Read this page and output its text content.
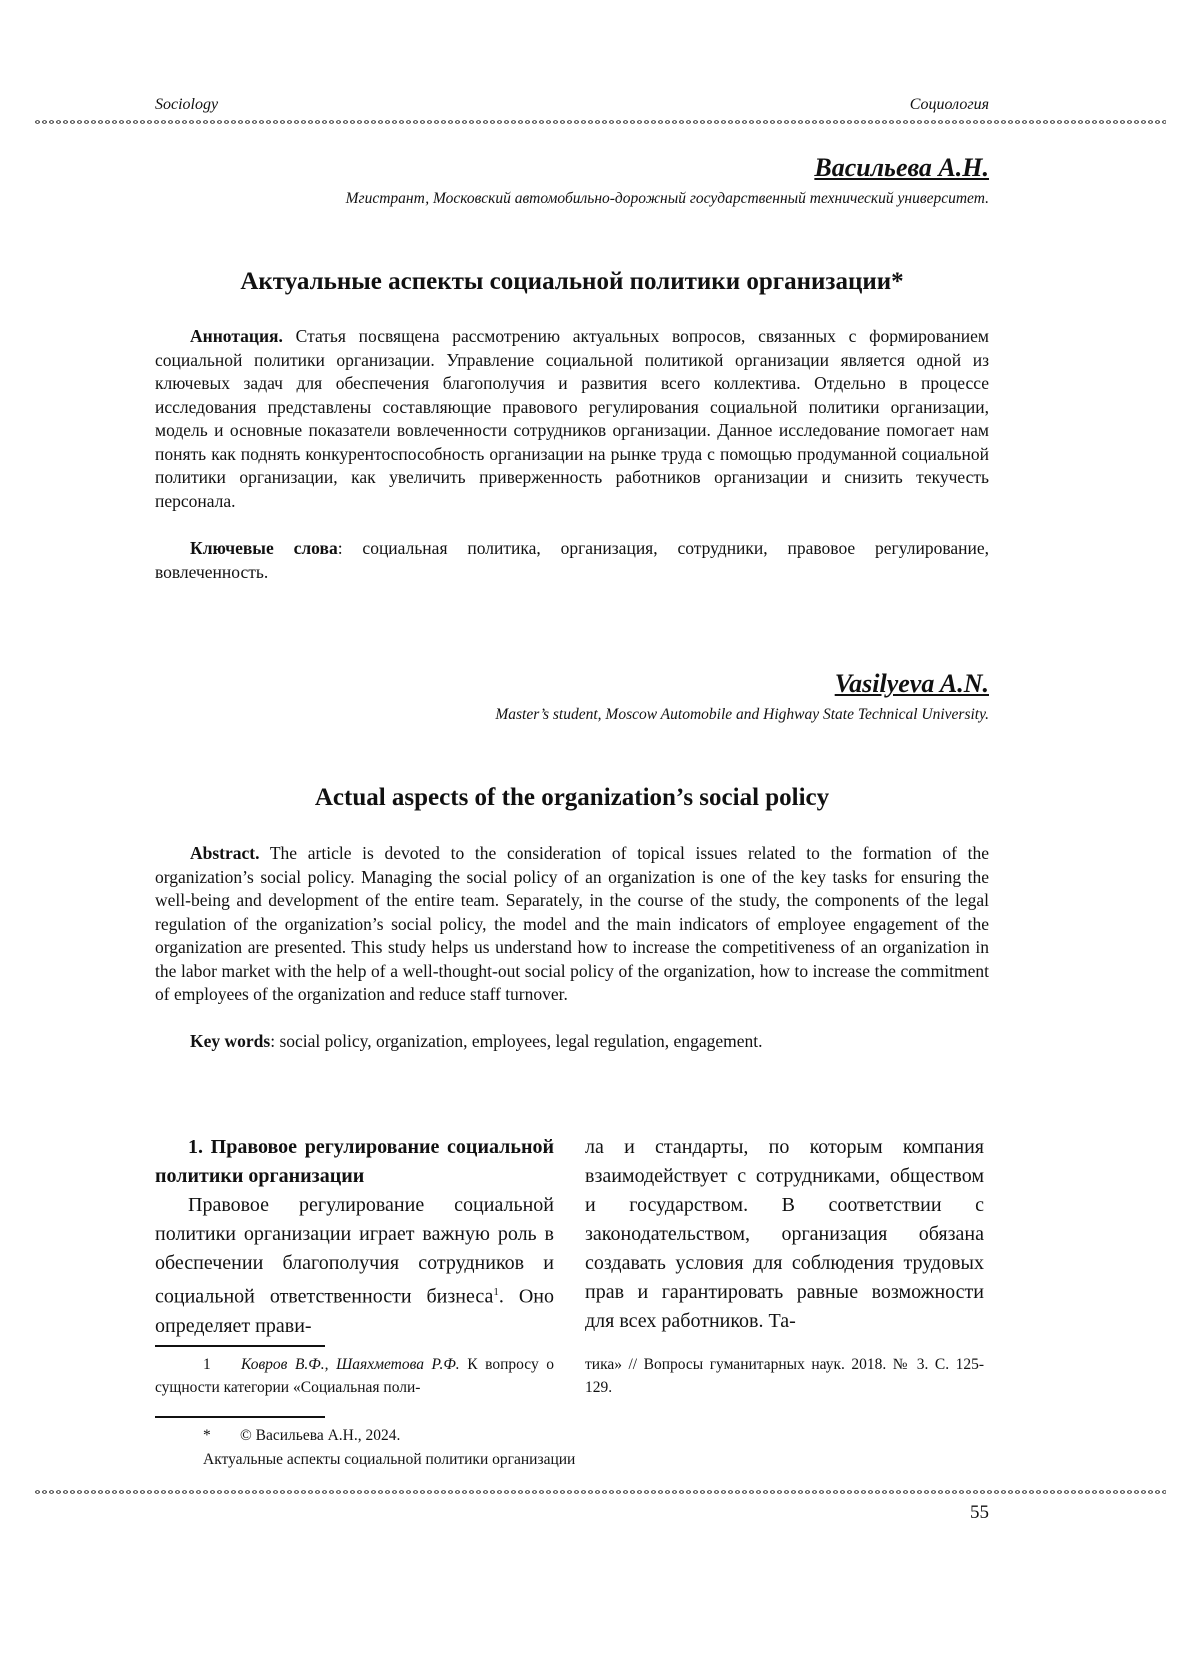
Sociology	Социология
Васильева А.Н.
Мгистрант, Московский автомобильно-дорожный государственный технический университет.
Актуальные аспекты социальной политики организации*

Аннотация. Статья посвящена рассмотрению актуальных вопросов, связанных с формированием социальной политики организации. Управление социальной политикой организации является одной из ключевых задач для обеспечения благополучия и развития всего коллектива. Отдельно в процессе исследования представлены составляющие правового регулирования социальной политики организации, модель и основные показатели вовлеченности сотрудников организации. Данное исследование помогает нам понять как поднять конкурентоспособность организации на рынке труда с помощью продуманной социальной политики организации, как увеличить приверженность работников организации и снизить текучесть персонала.

Ключевые слова: социальная политика, организация, сотрудники, правовое регулирование, вовлеченность.

Vasilyeva A.N.
Master’s student, Moscow Automobile and Highway State Technical University.
Actual aspects of the organization’s social policy

Abstract. The article is devoted to the consideration of topical issues related to the formation of the organization’s social policy. Managing the social policy of an organization is one of the key tasks for ensuring the well-being and development of the entire team. Separately, in the course of the study, the components of the legal regulation of the organization’s social policy, the model and the main indicators of employee engagement of the organization are presented. This study helps us understand how to increase the competitiveness of an organization in the labor market with the help of a well-thought-out social policy of the organization, how to increase the commitment of employees of the organization and reduce staff turnover.

Key words: social policy, organization, employees, legal regulation, engagement.

1. Правовое регулирование социальной политики организации

Правовое регулирование социальной политики организации играет важную роль в обеспечении благополучия сотрудников и социальной ответственности бизнеса$^1$. Оно определяет прави-

ла и стандарты, по которым компания взаимодействует с сотрудниками, обществом и государством. В соответствии с законодательством, организация обязана создавать условия для соблюдения трудовых прав и гарантировать равные возможности для всех работников. Та-

1 Ковров В.Ф., Шаяхметова Р.Ф. К вопросу о сущности категории «Социальная поли-

тика» // Вопросы гуманитарных наук. 2018. № 3. С. 125-129.

* © Васильева А.Н., 2024.
Актуальные аспекты социальной политики организации
55
